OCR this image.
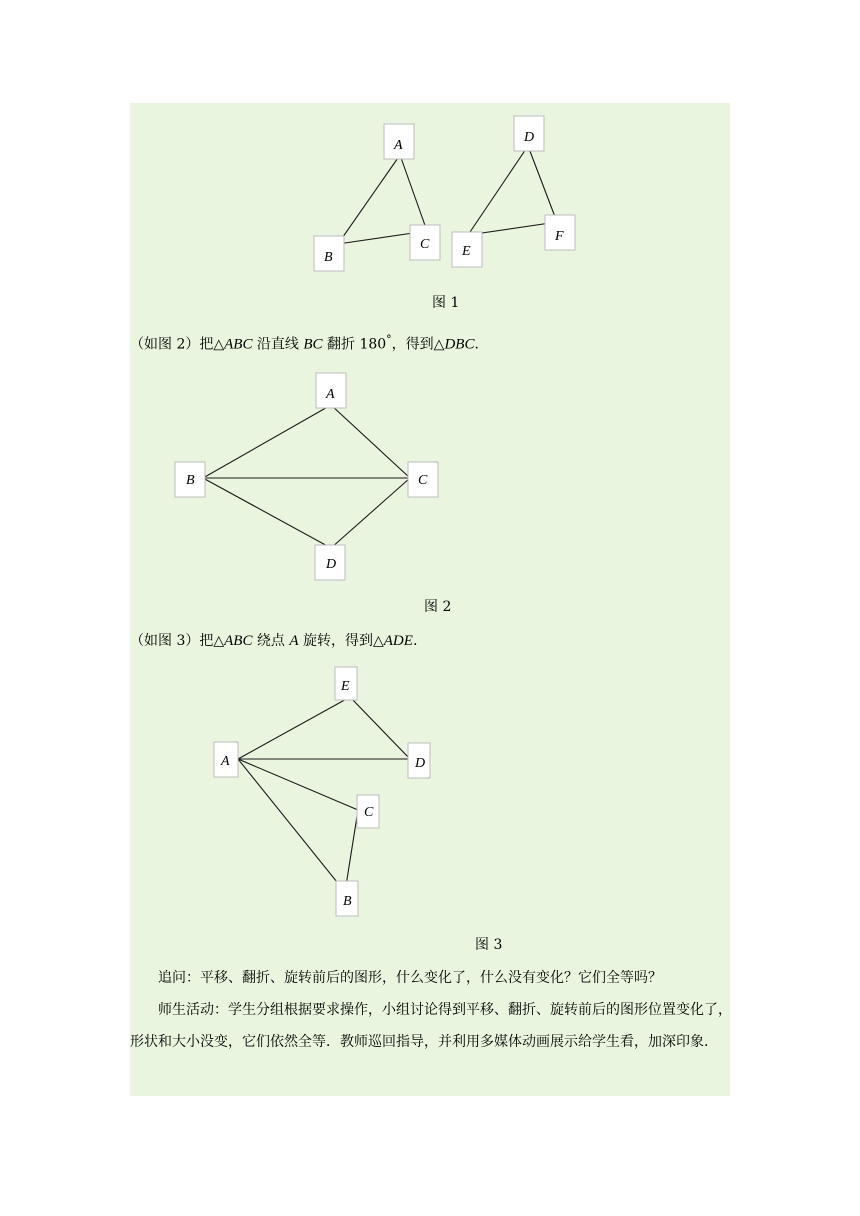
A
B
C
D
E
F
图 1
（如图 2）把△ABC 沿直线 BC 翻折 180°，得到△DBC.
A
B	C
D
图 2
（如图 3）把△ABC 绕点 A 旋转，得到△ADE.
E
A	D
C
B
图 3
追问：平移、翻折、旋转前后的图形，什么变化了，什么没有变化？它们全等吗？
师生活动：学生分组根据要求操作，小组讨论得到平移、翻折、旋转前后的图形位置变化了，形状和大小没变，它们依然全等．教师巡回指导，并利用多媒体动画展示给学生看，加深印象.
